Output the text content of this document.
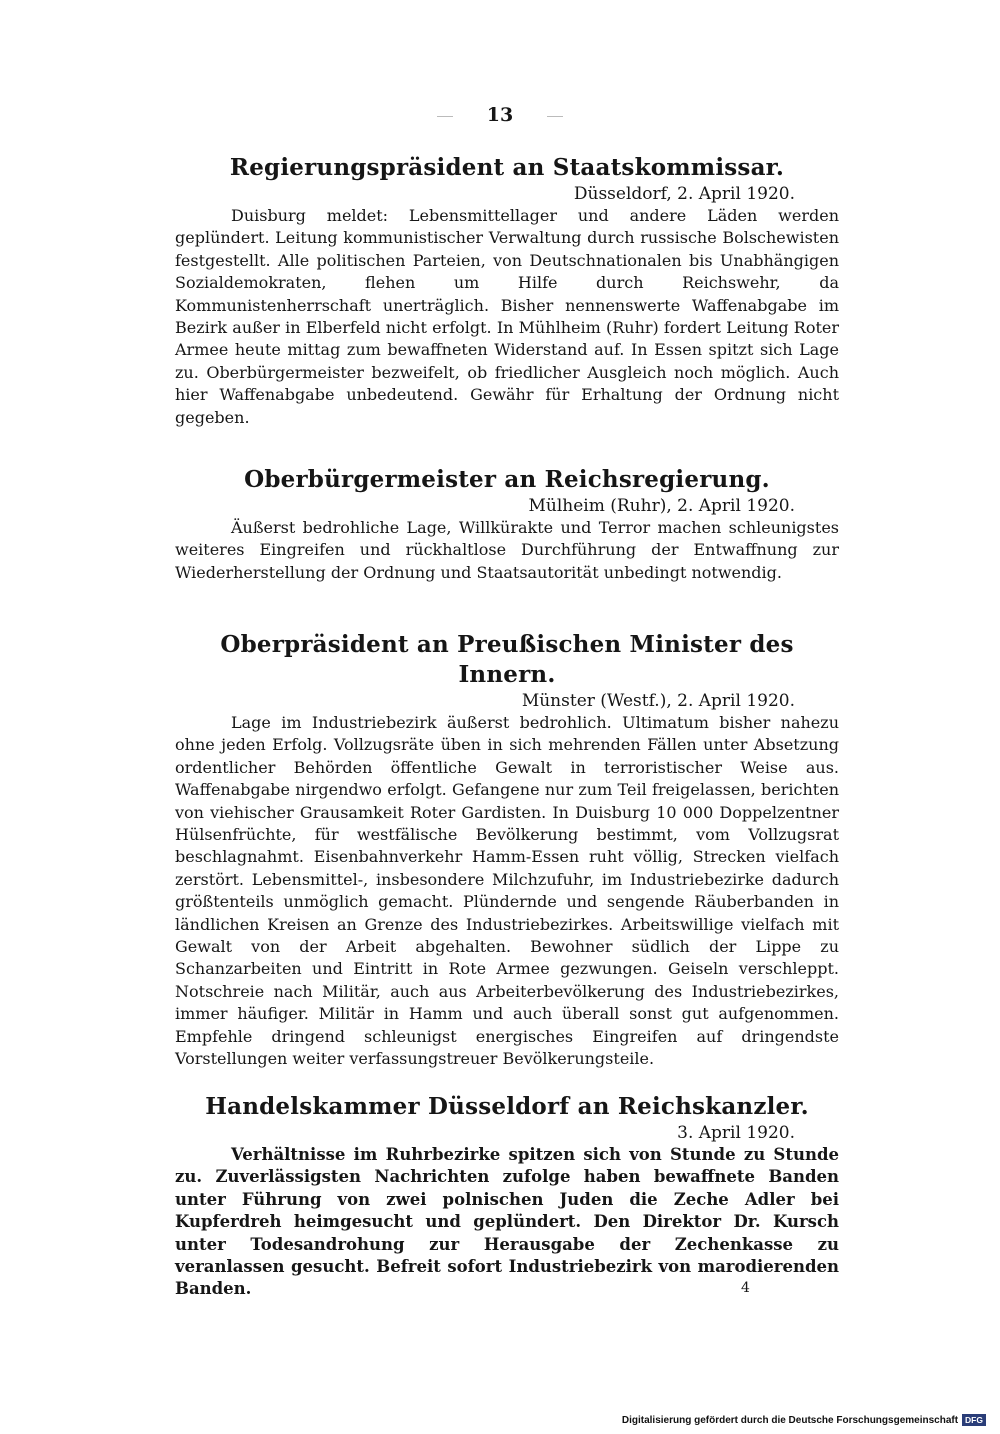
13
Regierungspräsident an Staatskommissar.
Düsseldorf, 2. April 1920.

Duisburg meldet: Lebensmittellager und andere Läden werden geplündert. Leitung kommunistischer Verwaltung durch russische Bolschewisten festgestellt. Alle politischen Parteien, von Deutschnationalen bis Unabhängigen Sozialdemokraten, flehen um Hilfe durch Reichswehr, da Kommunistenherrschaft unerträglich. Bisher nennenswerte Waffenabgabe im Bezirk außer in Elberfeld nicht erfolgt. In Mühlheim (Ruhr) fordert Leitung Roter Armee heute mittag zum bewaffneten Widerstand auf. In Essen spitzt sich Lage zu. Oberbürgermeister bezweifelt, ob friedlicher Ausgleich noch möglich. Auch hier Waffenabgabe unbedeutend. Gewähr für Erhaltung der Ordnung nicht gegeben.

Oberbürgermeister an Reichsregierung.
Mülheim (Ruhr), 2. April 1920.

Äußerst bedrohliche Lage, Willkürakte und Terror machen schleunigstes weiteres Eingreifen und rückhaltlose Durchführung der Entwaffnung zur Wiederherstellung der Ordnung und Staatsautorität unbedingt notwendig.

Oberpräsident an Preußischen Minister des Innern.
Münster (Westf.), 2. April 1920.

Lage im Industriebezirk äußerst bedrohlich. Ultimatum bisher nahezu ohne jeden Erfolg. Vollzugsräte üben in sich mehrenden Fällen unter Absetzung ordentlicher Behörden öffentliche Gewalt in terroristischer Weise aus. Waffenabgabe nirgendwo erfolgt. Gefangene nur zum Teil freigelassen, berichten von viehischer Grausamkeit Roter Gardisten. In Duisburg 10 000 Doppelzentner Hülsenfrüchte, für westfälische Bevölkerung bestimmt, vom Vollzugsrat beschlagnahmt. Eisenbahnverkehr Hamm-Essen ruht völlig, Strecken vielfach zerstört. Lebensmittel-, insbesondere Milchzufuhr, im Industriebezirke dadurch größtenteils unmöglich gemacht. Plündernde und sengende Räuberbanden in ländlichen Kreisen an Grenze des Industriebezirkes. Arbeitswillige vielfach mit Gewalt von der Arbeit abgehalten. Bewohner südlich der Lippe zu Schanzarbeiten und Eintritt in Rote Armee gezwungen. Geiseln verschleppt. Notschreie nach Militär, auch aus Arbeiterbevölkerung des Industriebezirkes, immer häufiger. Militär in Hamm und auch überall sonst gut aufgenommen. Empfehle dringend schleunigst energisches Eingreifen auf dringendste Vorstellungen weiter verfassungstreuer Bevölkerungsteile.

Handelskammer Düsseldorf an Reichskanzler.
3. April 1920.

Verhältnisse im Ruhrbezirke spitzen sich von Stunde zu Stunde zu. Zuverlässigsten Nachrichten zufolge haben bewaffnete Banden unter Führung von zwei polnischen Juden die Zeche Adler bei Kupferdreh heimgesucht und geplündert. Den Direktor Dr. Kursch unter Todesandrohung zur Herausgabe der Zechenkasse zu veranlassen gesucht. Befreit sofort Industriebezirk von marodierenden Banden.	4
Digitalisierung gefördert durch die Deutsche Forschungsgemeinschaft DFG
